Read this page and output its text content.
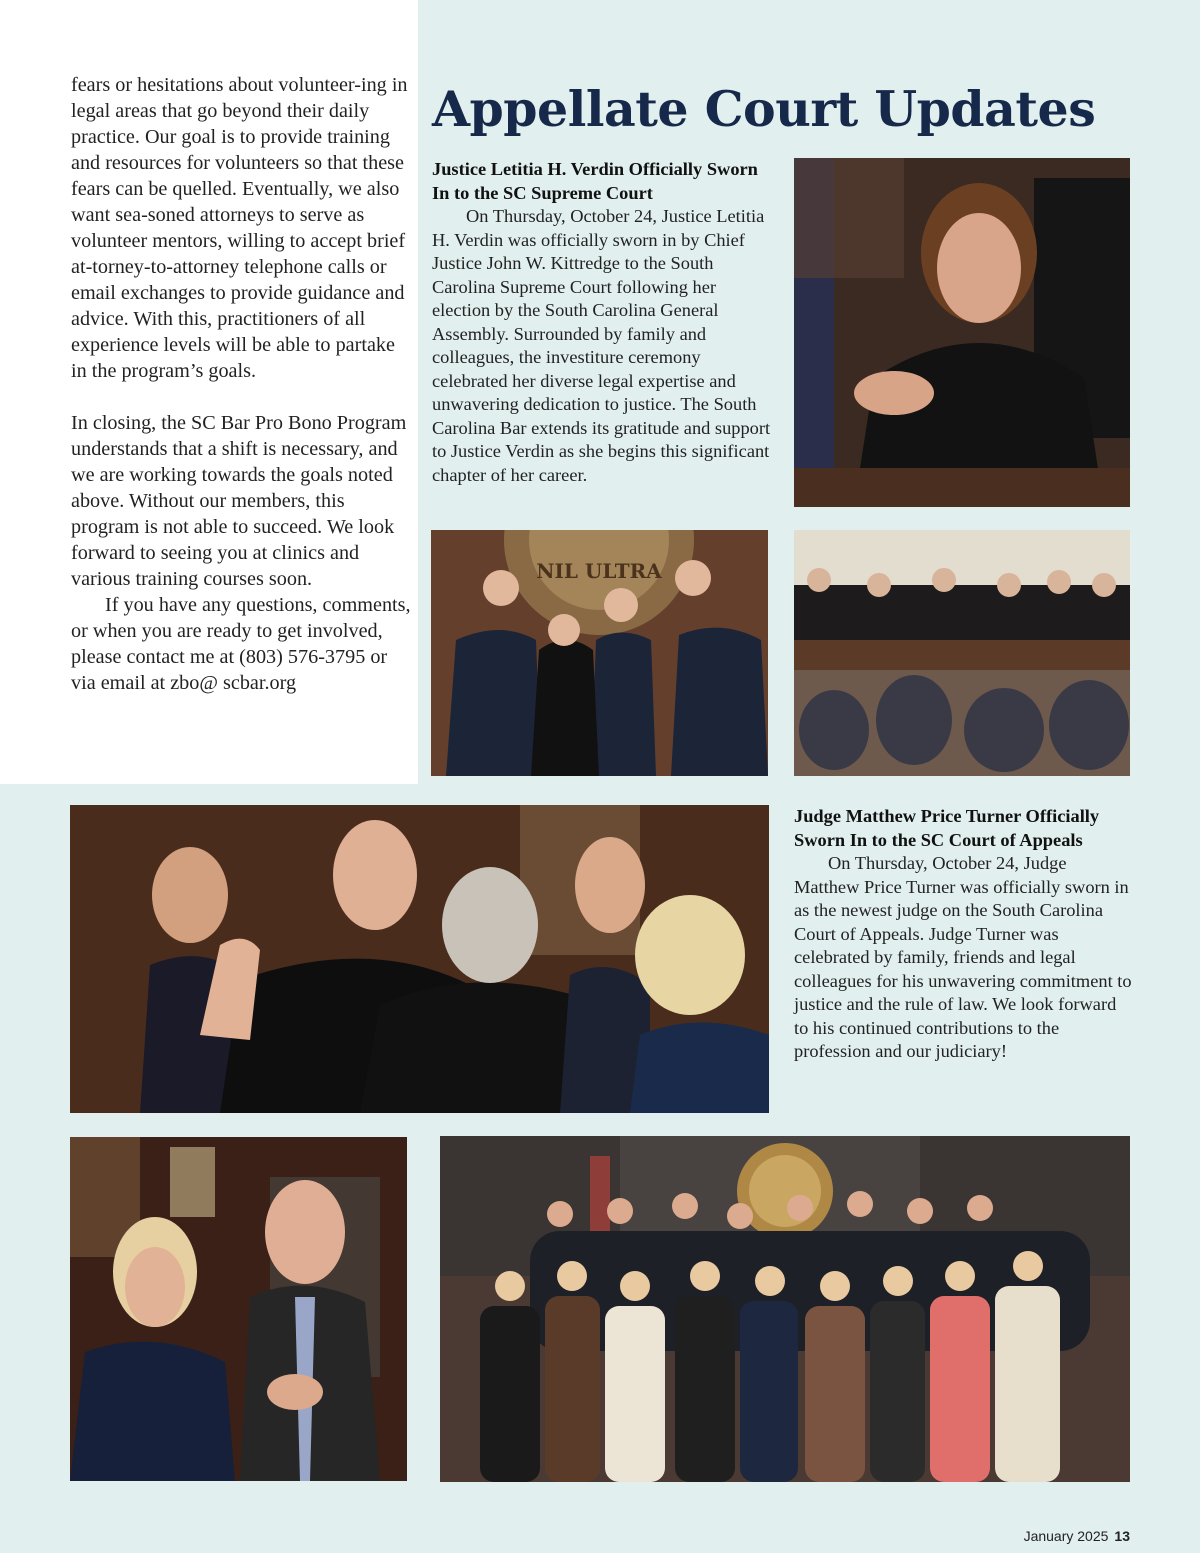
fears or hesitations about volunteer-ing in legal areas that go beyond their daily practice. Our goal is to provide training and resources for volunteers so that these fears can be quelled. Eventually, we also want sea-soned attorneys to serve as volunteer mentors, willing to accept brief at-torney-to-attorney telephone calls or email exchanges to provide guidance and advice. With this, practitioners of all experience levels will be able to partake in the program’s goals.

In closing, the SC Bar Pro Bono Program understands that a shift is necessary, and we are working towards the goals noted above. Without our members, this program is not able to succeed. We look forward to seeing you at clinics and various training courses soon.

If you have any questions, comments, or when you are ready to get involved, please contact me at (803) 576-3795 or via email at zbo@ scbar.org

Appellate Court Updates
Justice Letitia H. Verdin Officially Sworn In to the SC Supreme Court

On Thursday, October 24, Justice Letitia H. Verdin was officially sworn in by Chief Justice John W. Kittredge to the South Carolina Supreme Court following her election by the South Carolina General Assembly. Surrounded by family and colleagues, the investiture ceremony celebrated her diverse legal expertise and unwavering dedication to justice. The South Carolina Bar extends its gratitude and support to Justice Verdin as she begins this significant chapter of her career.

NIL ULTRA
Judge Matthew Price Turner Officially Sworn In to the SC Court of Appeals

On Thursday, October 24, Judge Matthew Price Turner was officially sworn in as the newest judge on the South Carolina Court of Appeals. Judge Turner was celebrated by family, friends and legal colleagues for his unwavering commitment to justice and the rule of law. We look forward to his continued contributions to the profession and our judiciary!

January 2025 13
